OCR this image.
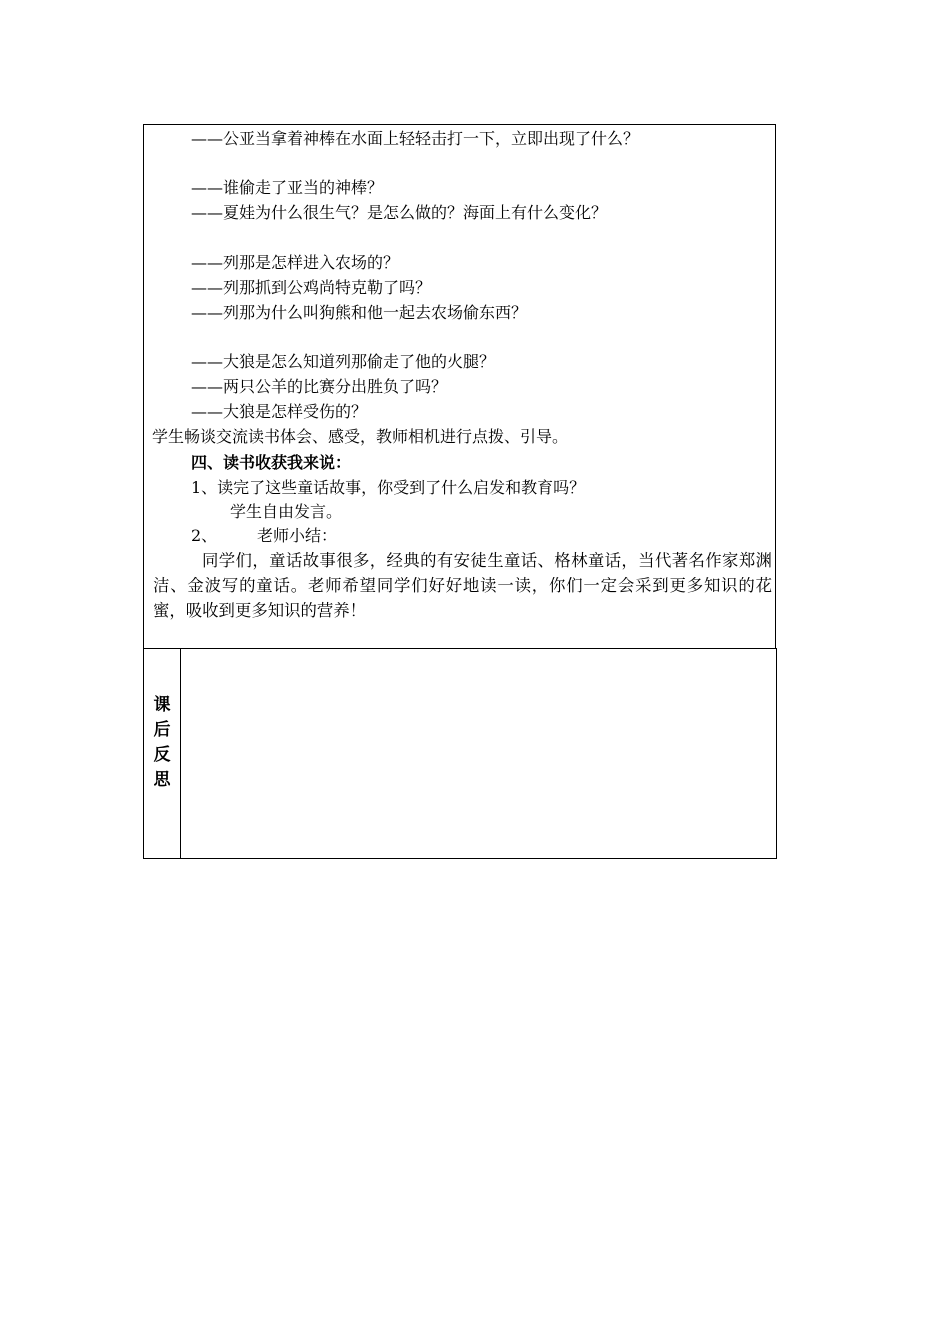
——公亚当拿着神棒在水面上轻轻击打一下，立即出现了什么？
——谁偷走了亚当的神棒？
——夏娃为什么很生气？是怎么做的？海面上有什么变化？
——列那是怎样进入农场的？
——列那抓到公鸡尚特克勒了吗？
——列那为什么叫狗熊和他一起去农场偷东西？
——大狼是怎么知道列那偷走了他的火腿？
——两只公羊的比赛分出胜负了吗？
——大狼是怎样受伤的？
学生畅谈交流读书体会、感受，教师相机进行点拨、引导。
四、读书收获我来说：
1、读完了这些童话故事，你受到了什么启发和教育吗？
学生自由发言。
2、 老师小结：
同学们，童话故事很多，经典的有安徒生童话、格林童话，当代著名作家郑渊洁、金波写的童话。老师希望同学们好好地读一读，你们一定会采到更多知识的花蜜，吸收到更多知识的营养！
课
后
反
思
